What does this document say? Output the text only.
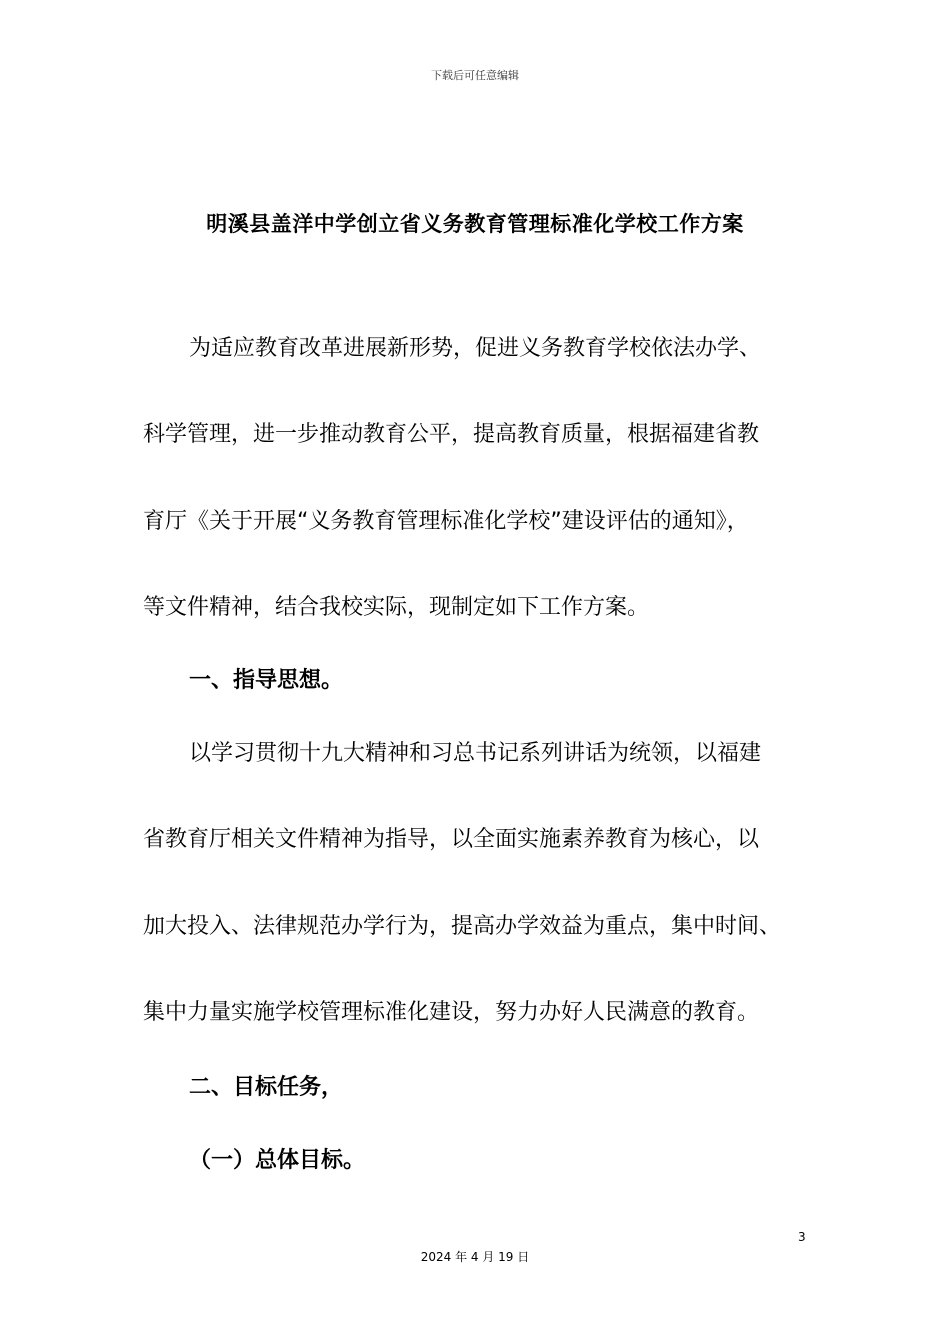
下载后可任意编辑
明溪县盖洋中学创立省义务教育管理标准化学校工作方案
为适应教育改革进展新形势，促进义务教育学校依法办学、
科学管理，进一步推动教育公平，提高教育质量，根据福建省教
育厅《关于开展“义务教育管理标准化学校”建设评估的通知》，
等文件精神，结合我校实际，现制定如下工作方案。
一、指导思想。
以学习贯彻十九大精神和习总书记系列讲话为统领，以福建
省教育厅相关文件精神为指导，以全面实施素养教育为核心，以
加大投入、法律规范办学行为，提高办学效益为重点，集中时间、
集中力量实施学校管理标准化建设，努力办好人民满意的教育。
二、目标任务，
（一）总体目标。
3
2024 年 4 月 19 日
